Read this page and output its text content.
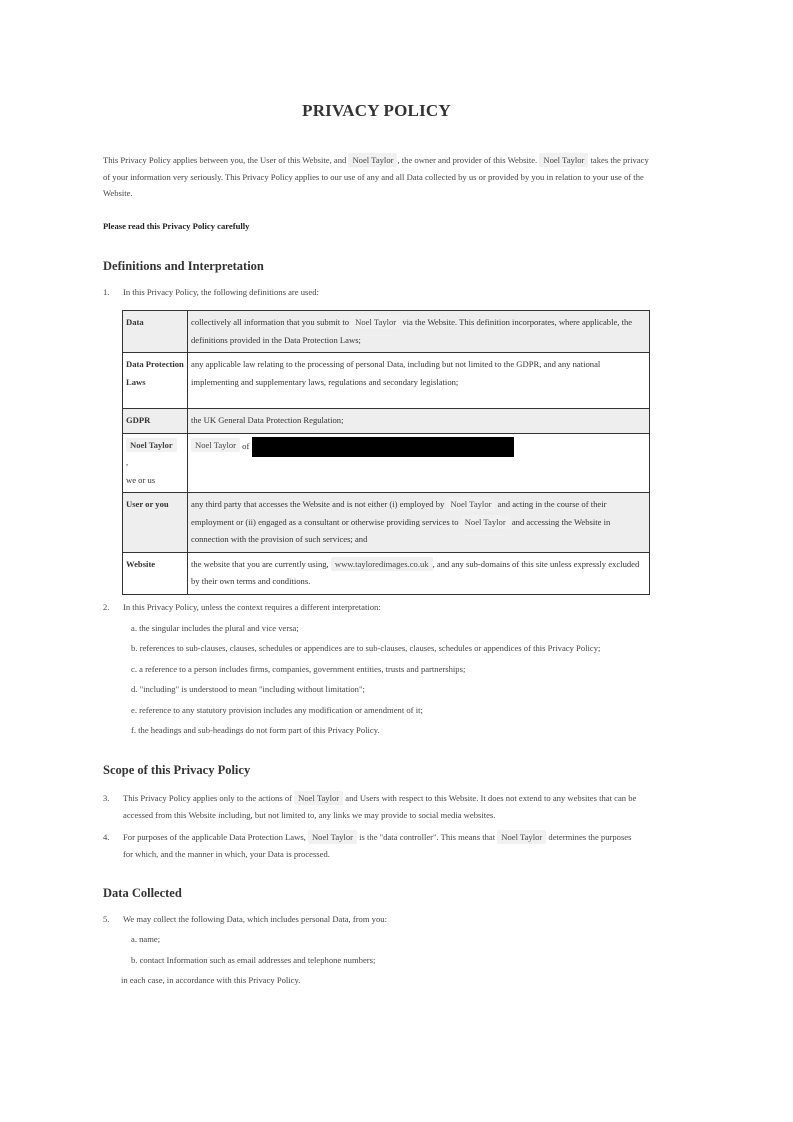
PRIVACY POLICY

This Privacy Policy applies between you, the User of this Website, and Noel Taylor , the owner and provider of this Website. Noel Taylor takes the privacy of your information very seriously. This Privacy Policy applies to our use of any and all Data collected by us or provided by you in relation to your use of the Website.

Please read this Privacy Policy carefully

Definitions and Interpretation
1.	In this Privacy Policy, the following definitions are used:
Data	collectively all information that you submit to Noel Taylor via the Website. This definition incorporates, where applicable, the definitions provided in the Data Protection Laws;
Data Protection Laws	any applicable law relating to the processing of personal Data, including but not limited to the GDPR, and any national implementing and supplementary laws, regulations and secondary legislation;
GDPR	the UK General Data Protection Regulation;
Noel Taylor
,
we or us	Noel Taylor of
User or you	any third party that accesses the Website and is not either (i) employed by Noel Taylor and acting in the course of their employment or (ii) engaged as a consultant or otherwise providing services to Noel Taylor and accessing the Website in connection with the provision of such services; and
Website	the website that you are currently using, www.tayloredimages.co.uk , and any sub-domains of this site unless expressly excluded by their own terms and conditions.
2.	In this Privacy Policy, unless the context requires a different interpretation:
a. the singular includes the plural and vice versa;
b. references to sub-clauses, clauses, schedules or appendices are to sub-clauses, clauses, schedules or appendices of this Privacy Policy;
c. a reference to a person includes firms, companies, government entities, trusts and partnerships;
d. "including" is understood to mean "including without limitation";
e. reference to any statutory provision includes any modification or amendment of it;
f. the headings and sub-headings do not form part of this Privacy Policy.
Scope of this Privacy Policy
3.	This Privacy Policy applies only to the actions of Noel Taylor and Users with respect to this Website. It does not extend to any websites that can be accessed from this Website including, but not limited to, any links we may provide to social media websites.
4.	For purposes of the applicable Data Protection Laws, Noel Taylor is the "data controller". This means that Noel Taylor determines the purposes for which, and the manner in which, your Data is processed.
Data Collected
5.	We may collect the following Data, which includes personal Data, from you:
a. name;
b. contact Information such as email addresses and telephone numbers;
in each case, in accordance with this Privacy Policy.
